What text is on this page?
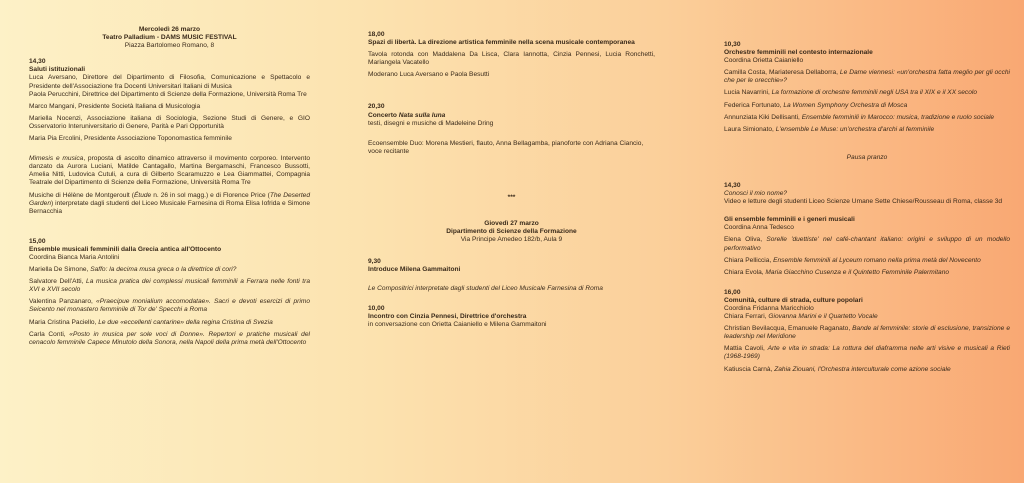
Mercoledì 26 marzo

Teatro Palladium - DAMS MUSIC FESTIVAL

Piazza Bartolomeo Romano, 8

14,30

Saluti istituzionali

Luca Aversano, Direttore del Dipartimento di Filosofia, Comunicazione e Spettacolo e Presidente dell'Associazione fra Docenti Universitari Italiani di Musica

Paola Perucchini, Direttrice del Dipartimento di Scienze della Formazione, Università Roma Tre

Marco Mangani, Presidente Società Italiana di Musicologia

Mariella Nocenzi, Associazione italiana di Sociologia, Sezione Studi di Genere, e GIO Osservatorio Interuniversitario di Genere, Parità e Pari Opportunità

Maria Pia Ercolini, Presidente Associazione Toponomastica femminile

Mimesis e musica, proposta di ascolto dinamico attraverso il movimento corporeo. Intervento danzato da Aurora Luciani, Matilde Cantagallo, Martina Bergamaschi, Francesco Bussotti, Amelia Nitti, Ludovica Cutuli, a cura di Gilberto Scaramuzzo e Lea Giammattei, Compagnia Teatrale del Dipartimento di Scienze della Formazione, Università Roma Tre

Musiche di Hélène de Montgeroult (Étude n. 26 in sol magg.) e di Florence Price (The Deserted Garden) interpretate dagli studenti del Liceo Musicale Farnesina di Roma Elisa Iofrida e Simone Bernacchia

15,00

Ensemble musicali femminili dalla Grecia antica all'Ottocento

Coordina Bianca Maria Antolini

Mariella De Simone, Saffo: la decima musa greca o la direttrice di cori?

Salvatore Dell'Atti, La musica pratica dei complessi musicali femminili a Ferrara nelle fonti tra XVI e XVII secolo

Valentina Panzanaro, «Praecipue monialium accomodatae». Sacri e devoti esercizi di primo Seicento nel monastero femminile di Tor de' Specchi a Roma

Maria Cristina Paciello, Le due «eccellenti cantarine» della regina Cristina di Svezia

Carla Conti, «Posto in musica per sole voci di Donne». Repertori e pratiche musicali del cenacolo femminile Capece Minutolo della Sonora, nella Napoli della prima metà dell'Ottocento

18,00

Spazi di libertà. La direzione artistica femminile nella scena musicale contemporanea

Tavola rotonda con Maddalena Da Lisca, Clara Iannotta, Cinzia Pennesi, Lucia Ronchetti, Mariangela Vacatello

Moderano Luca Aversano e Paola Besutti

20,30

Concerto Nata sulla luna

testi, disegni e musiche di Madeleine Dring

Ecoensemble Duo: Morena Mestieri, flauto, Anna Bellagamba, pianoforte con Adriana Ciancio, voce recitante

***

Giovedì 27 marzo

Dipartimento di Scienze della Formazione

Via Principe Amedeo 182/b, Aula 9

9,30

Introduce Milena Gammaitoni

Le Compositrici interpretate dagli studenti del Liceo Musicale Farnesina di Roma

10,00

Incontro con Cinzia Pennesi, Direttrice d'orchestra

in conversazione con Orietta Caianiello e Milena Gammaitoni

10,30

Orchestre femminili nel contesto internazionale

Coordina Orietta Caianiello

Camilla Costa, Mariateresa Dellaborra, Le Dame viennesi: «un'orchestra fatta meglio per gli occhi che per le orecchie»?

Lucia Navarrini, La formazione di orchestre femminili negli USA tra il XIX e il XX secolo

Federica Fortunato, La Women Symphony Orchestra di Mosca

Annunziata Kiki Dellisanti, Ensemble femminili in Marocco: musica, tradizione e ruolo sociale

Laura Simionato, L'ensemble Le Muse: un'orchestra d'archi al femminile

Pausa pranzo

14,30

Conosci il mio nome?

Video e letture degli studenti Liceo Scienze Umane Sette Chiese/Rousseau di Roma, classe 3d

Gli ensemble femminili e i generi musicali

Coordina Anna Tedesco

Elena Oliva, Sorelle 'duettiste' nel café-chantant italiano: origini e sviluppo di un modello performativo

Chiara Pelliccia, Ensemble femminili al Lyceum romano nella prima metà del Novecento

Chiara Evola, Maria Giacchino Cusenza e il Quintetto Femminile Palermitano

16,00

Comunità, culture di strada, culture popolari

Coordina Fridanna Maricchiolo

Chiara Ferrari, Giovanna Marini e il Quartetto Vocale

Christian Bevilacqua, Emanuele Raganato, Bande al femminile: storie di esclusione, transizione e leadership nel Meridione

Mattia Cavoli, Arte e vita in strada: La rottura del diaframma nelle arti visive e musicali a Rieti (1968-1969)

Katiuscia Carnà, Zahia Ziouani, l'Orchestra interculturale come azione sociale
